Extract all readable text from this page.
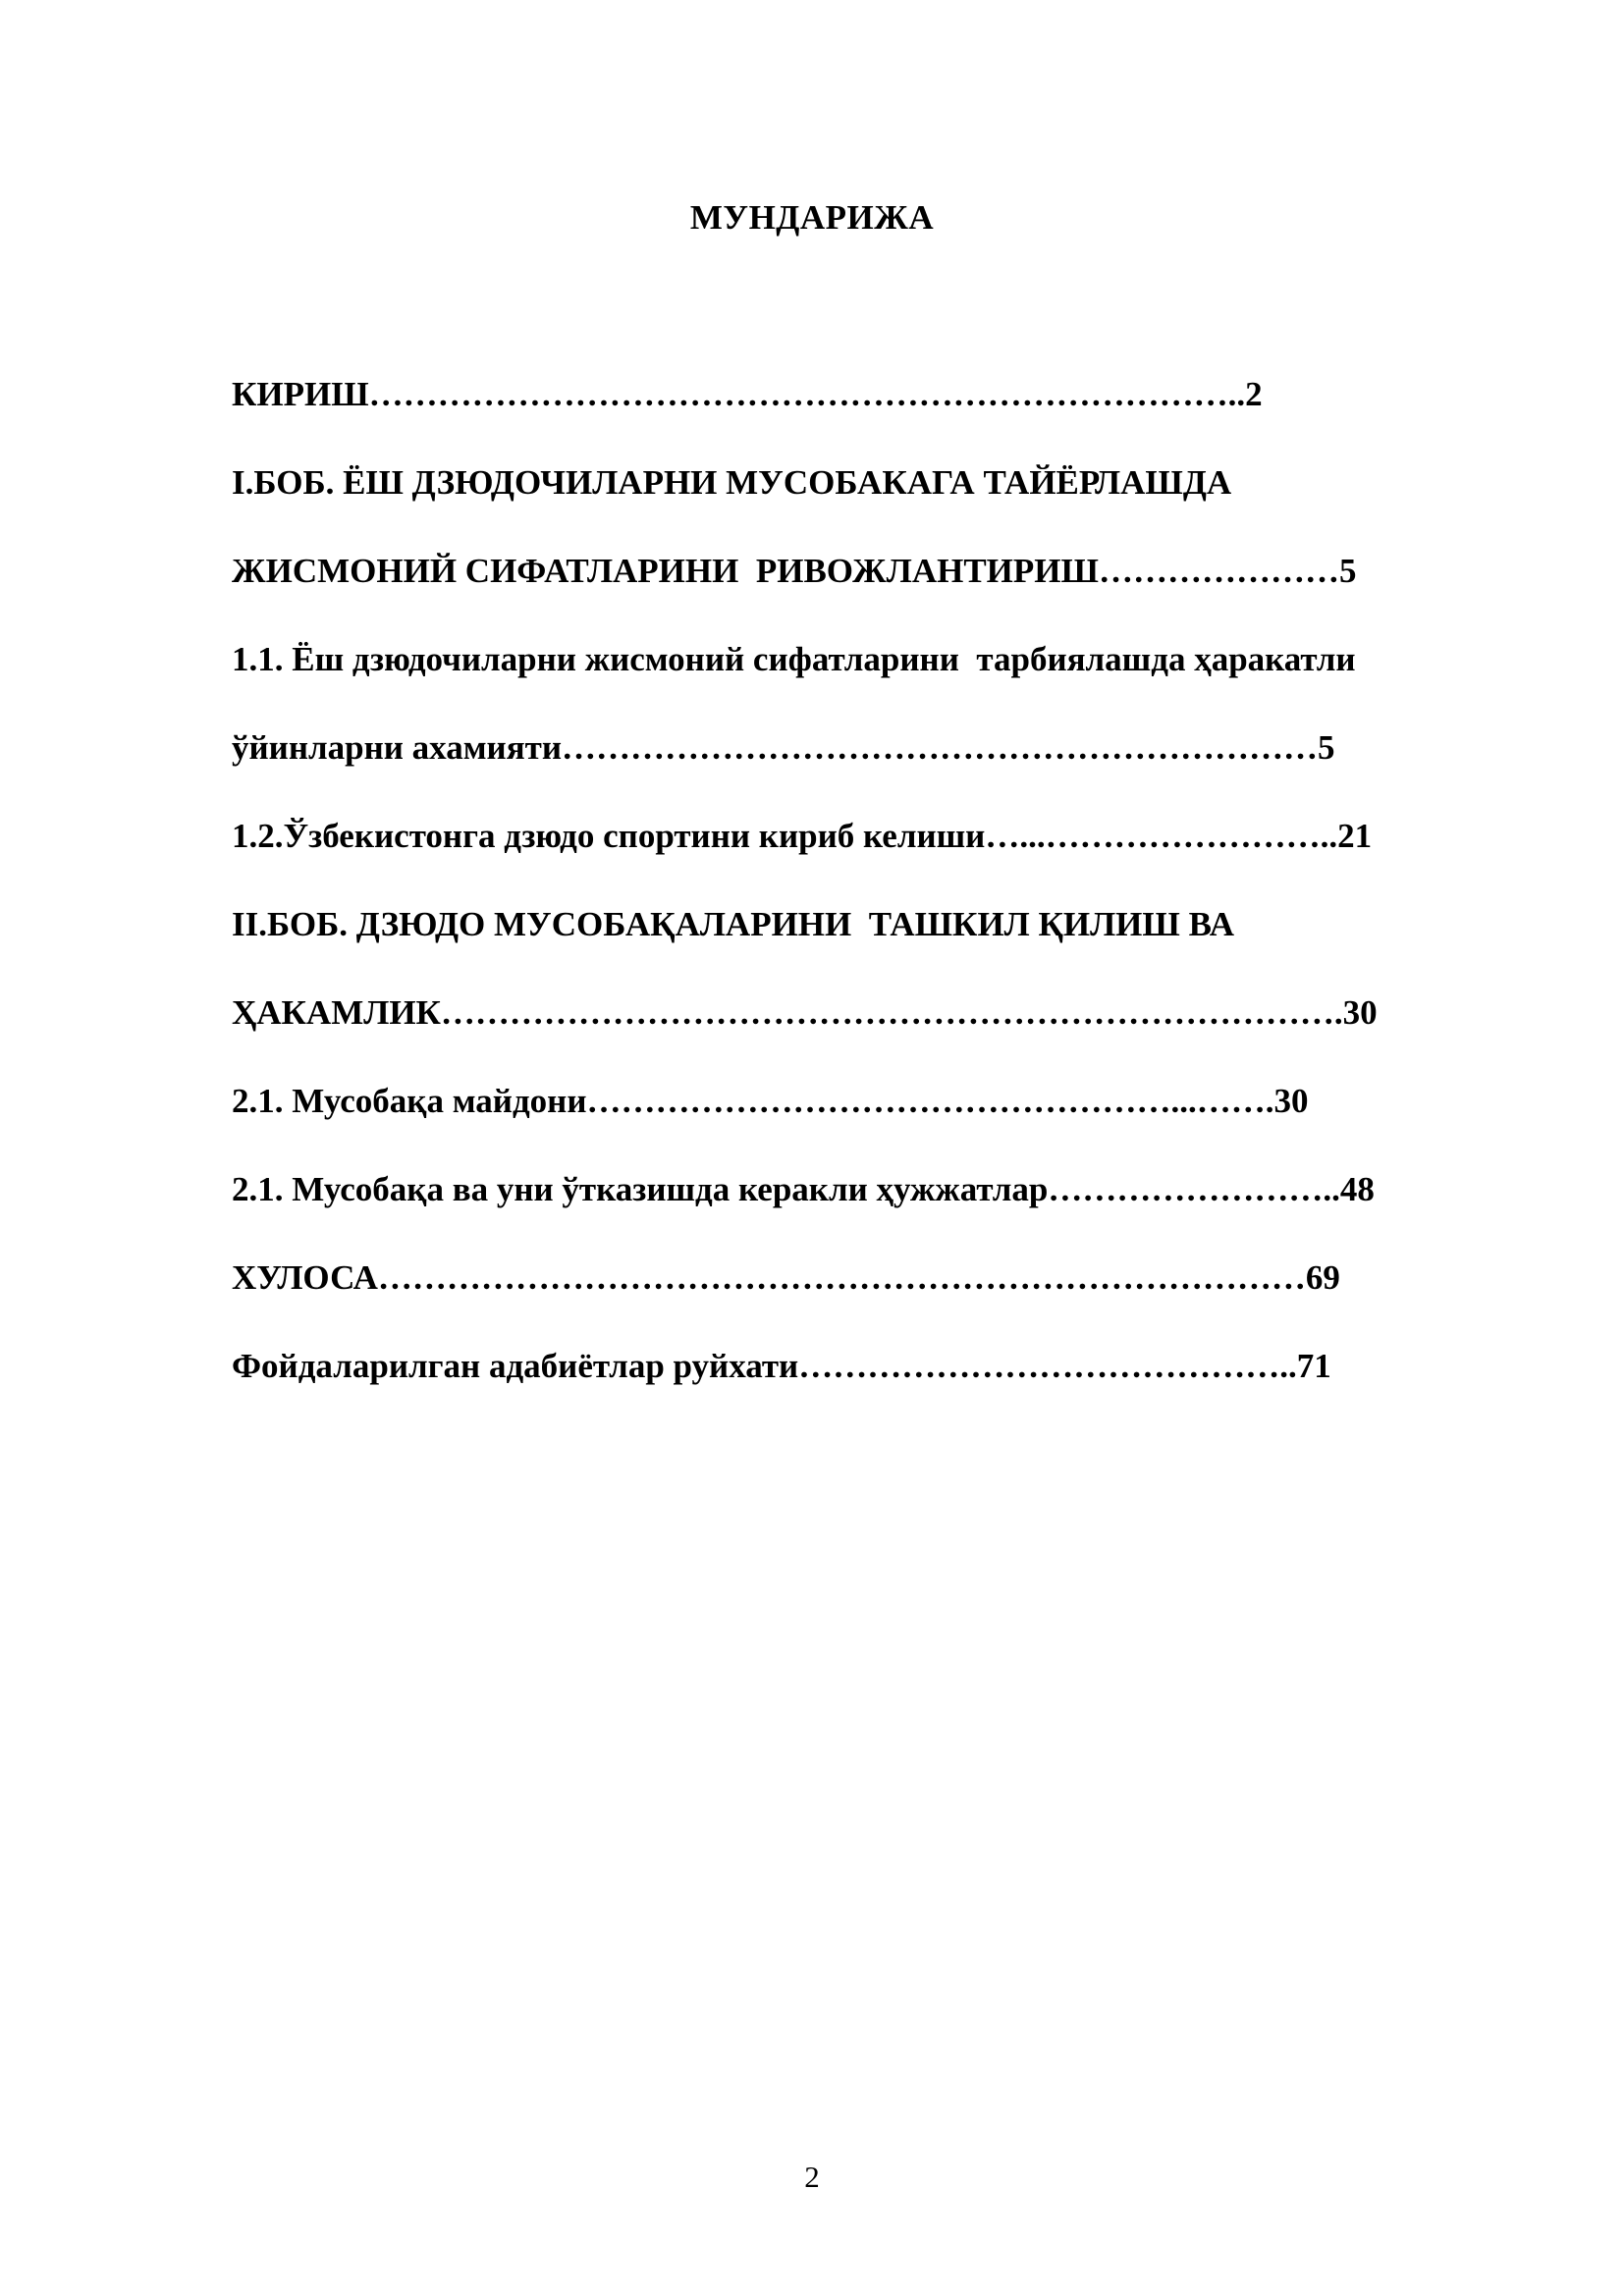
МУНДАРИЖА
КИРИШ…………………………………………………………………..2
I.БОБ. ЁШ ДЗЮДОЧИЛАРНИ МУСОБАКАГА ТАЙЁРЛАШДА
ЖИСМОНИЙ СИФАТЛАРИНИ  РИВОЖЛАНТИРИШ…………………5
1.1. Ёш дзюдочиларни жисмоний сифатларини  тарбиялашда ҳаракатли
ўйинларни ахамияти…………………………………………………………5
1.2.Ўзбекистонга дзюдо спортини кириб келиши…...……………………..21
II.БОБ. ДЗЮДО МУСОБАҚАЛАРИНИ  ТАШКИЛ ҚИЛИШ ВА
ҲАКАМЛИК…………………………………………………………………….30
2.1. Мусобақа майдони……………………………………………...…….30
2.1. Мусобақа ва уни ўтказишда керакли ҳужжатлар……………………..48
ХУЛОСА………………………………………………………………………69
Фойдаларилган адабиётлар руйхати……………………………………..71
2
